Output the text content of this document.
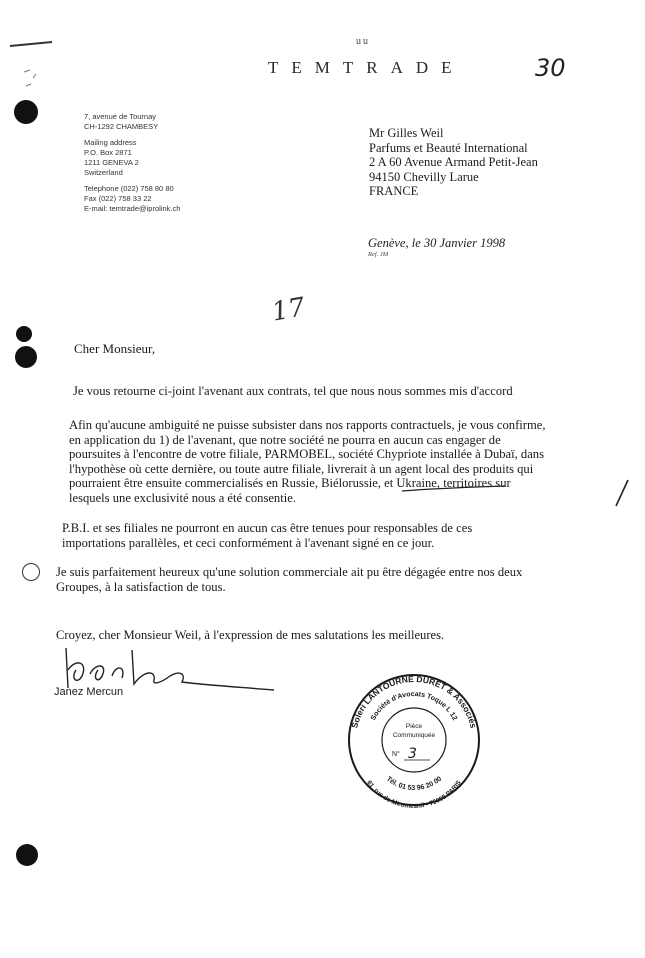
uu
TEMTRADE	30
7, avenue de Tournay
CH-1292 CHAMBESY
Mailing address
P.O. Box 2871
1211 GENEVA 2
Switzerland
Telephone (022) 758 80 80
Fax (022) 758 33 22
E-mail: temtrade@iprolink.ch
Mr Gilles Weil
Parfums et Beauté International
2 A 60 Avenue Armand Petit-Jean
94150 Chevilly Larue
FRANCE
Genève, le 30 Janvier 1998
Ref. JM
17
Cher Monsieur,
Je vous retourne ci-joint l'avenant aux contrats, tel que nous nous sommes mis d'accord
Afin qu'aucune ambiguité ne puisse subsister dans nos rapports contractuels, je vous confirme,
en application du 1) de l'avenant, que notre société ne pourra en aucun cas engager de
poursuites à l'encontre de votre filiale, PARMOBEL, société Chypriote installée à Dubaï, dans
l'hypothèse où cette dernière, ou toute autre filiale, livrerait à un agent local des produits qui
pourraient être ensuite commercialisés en Russie, Biélorussie, et Ukraine, territoires sur
lesquels une exclusivité nous a été consentie.
P.B.I. et ses filiales ne pourront en aucun cas être tenues pour responsables de ces
importations parallèles, et ceci conformément à l'avenant signé en ce jour.
Je suis parfaitement heureux qu'une solution commerciale ait pu être dégagée entre nos deux
Groupes, à la satisfaction de tous.
Croyez, cher Monsieur Weil, à l'expression de mes salutations les meilleures.
Janez Mercun
Soleri LANTOURNE DURET & Associés
Société d'Avocats Toque L 12
Pièce
Communiquée
N° 3
Tél. 01 53 96 20 00
61, rue de Miromesnil - 75008 PARIS
